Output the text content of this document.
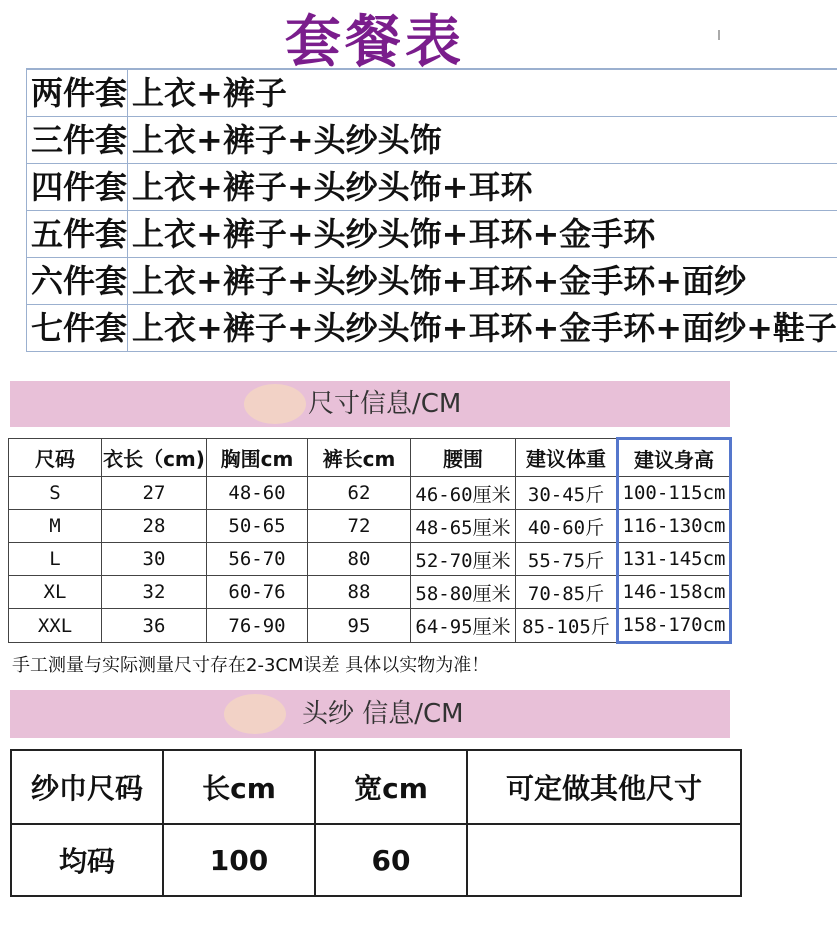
套餐表
两件套	上衣+裤子
三件套	上衣+裤子+头纱头饰
四件套	上衣+裤子+头纱头饰+耳环
五件套	上衣+裤子+头纱头饰+耳环+金手环
六件套	上衣+裤子+头纱头饰+耳环+金手环+面纱
七件套	上衣+裤子+头纱头饰+耳环+金手环+面纱+鞋子
尺寸信息/CM
尺码	衣长（cm)	胸围cm	裤长cm	腰围	建议体重	建议身高
S	27	48-60	62	46-60厘米	30-45斤	100-115cm
M	28	50-65	72	48-65厘米	40-60斤	116-130cm
L	30	56-70	80	52-70厘米	55-75斤	131-145cm
XL	32	60-76	88	58-80厘米	70-85斤	146-158cm
XXL	36	76-90	95	64-95厘米	85-105斤	158-170cm
手工测量与实际测量尺寸存在2-3CM误差 具体以实物为准！
头纱 信息/CM
纱巾尺码	长cm	宽cm	可定做其他尺寸
均码	100	60	
